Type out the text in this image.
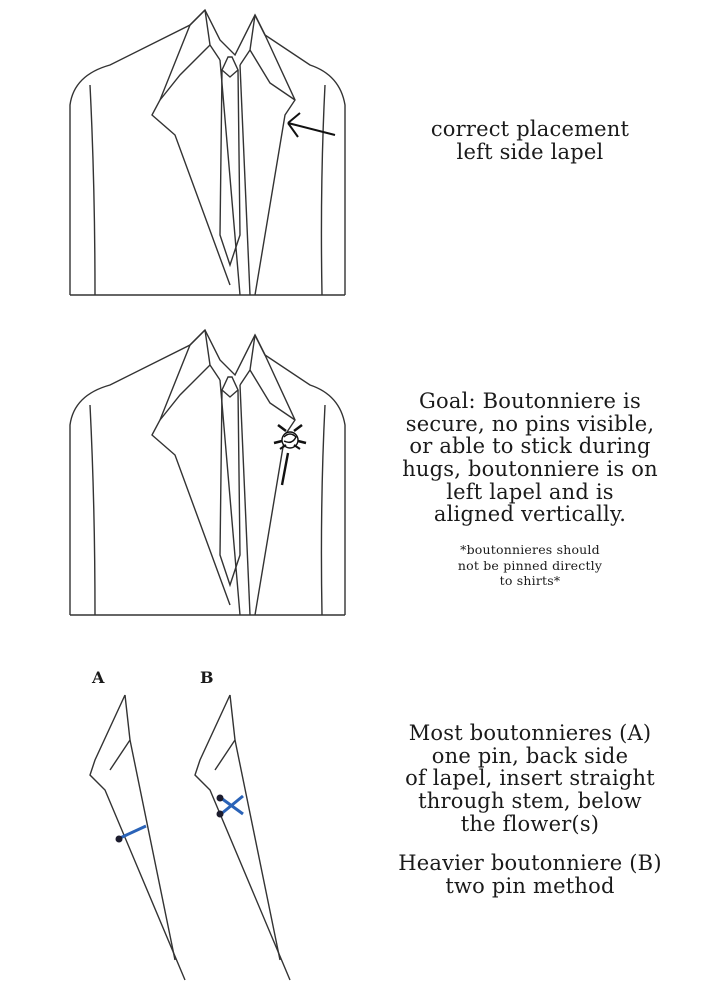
correct placement
left side lapel
Goal: Boutonniere is
secure, no pins visible,
or able to stick during
hugs, boutonniere is on
left lapel and is
aligned vertically.
*boutonnieres should
not be pinned directly
to shirts*
A	B
Most boutonnieres (A)
one pin, back side
of lapel, insert straight
through stem, below
the flower(s)
Heavier boutonniere (B)
two pin method
